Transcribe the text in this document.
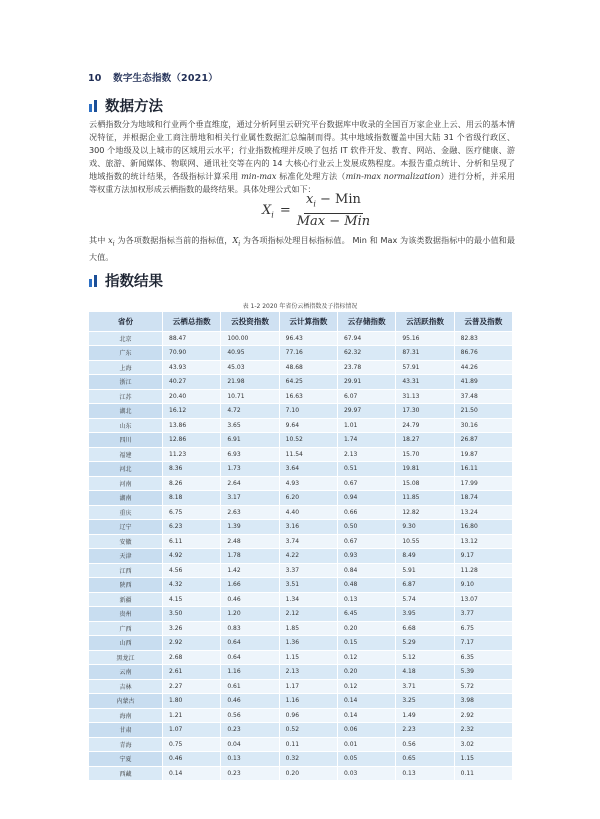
10 数字生态指数（2021）
数据方法
云栖指数分为地域和行业两个垂直维度，通过分析阿里云研究平台数据库中收录的全国百万家企业上云、用云的基本情况特征，并根据企业工商注册地和相关行业属性数据汇总编制而得。其中地域指数覆盖中国大陆 31 个省级行政区、300 个地级及以上城市的区域用云水平；行业指数梳理并反映了包括 IT 软件开发、教育、网站、金融、医疗健康、游戏、旅游、新闻媒体、物联网、通讯社交等在内的 14 大核心行业云上发展成熟程度。本报告重点统计、分析和呈现了地域指数的统计结果，各级指标计算采用 min-max 标准化处理方法（min-max normalization）进行分析，并采用等权重方法加权形成云栖指数的最终结果。具体处理公式如下：
$X_i = \frac{x_i - Min}{\text{Max − Min}}$
其中 $x_i$ 为各项数据指标当前的指标值，$X_i$ 为各项指标处理目标指标值。 Min 和 Max 为该类数据指标中的最小值和最大值。
指数结果
表 1-2 2020 年省份云栖指数及子指标情况
省份	云栖总指数	云投资指数	云计算指数	云存储指数	云活跃指数	云普及指数
北京	88.47	100.00	96.43	67.94	95.16	82.83
广东	70.90	40.95	77.16	62.32	87.31	86.76
上海	43.93	45.03	48.68	23.78	57.91	44.26
浙江	40.27	21.98	64.25	29.91	43.31	41.89
江苏	20.40	10.71	16.63	6.07	31.13	37.48
湖北	16.12	4.72	7.10	29.97	17.30	21.50
山东	13.86	3.65	9.64	1.01	24.79	30.16
四川	12.86	6.91	10.52	1.74	18.27	26.87
福建	11.23	6.93	11.54	2.13	15.70	19.87
河北	8.36	1.73	3.64	0.51	19.81	16.11
河南	8.26	2.64	4.93	0.67	15.08	17.99
湖南	8.18	3.17	6.20	0.94	11.85	18.74
重庆	6.75	2.63	4.40	0.66	12.82	13.24
辽宁	6.23	1.39	3.16	0.50	9.30	16.80
安徽	6.11	2.48	3.74	0.67	10.55	13.12
天津	4.92	1.78	4.22	0.93	8.49	9.17
江西	4.56	1.42	3.37	0.84	5.91	11.28
陕西	4.32	1.66	3.51	0.48	6.87	9.10
新疆	4.15	0.46	1.34	0.13	5.74	13.07
贵州	3.50	1.20	2.12	6.45	3.95	3.77
广西	3.26	0.83	1.85	0.20	6.68	6.75
山西	2.92	0.64	1.36	0.15	5.29	7.17
黑龙江	2.68	0.64	1.15	0.12	5.12	6.35
云南	2.61	1.16	2.13	0.20	4.18	5.39
吉林	2.27	0.61	1.17	0.12	3.71	5.72
内蒙古	1.80	0.46	1.16	0.14	3.25	3.98
海南	1.21	0.56	0.96	0.14	1.49	2.92
甘肃	1.07	0.23	0.52	0.06	2.23	2.32
青海	0.75	0.04	0.11	0.01	0.56	3.02
宁夏	0.46	0.13	0.32	0.05	0.65	1.15
西藏	0.14	0.23	0.20	0.03	0.13	0.11
